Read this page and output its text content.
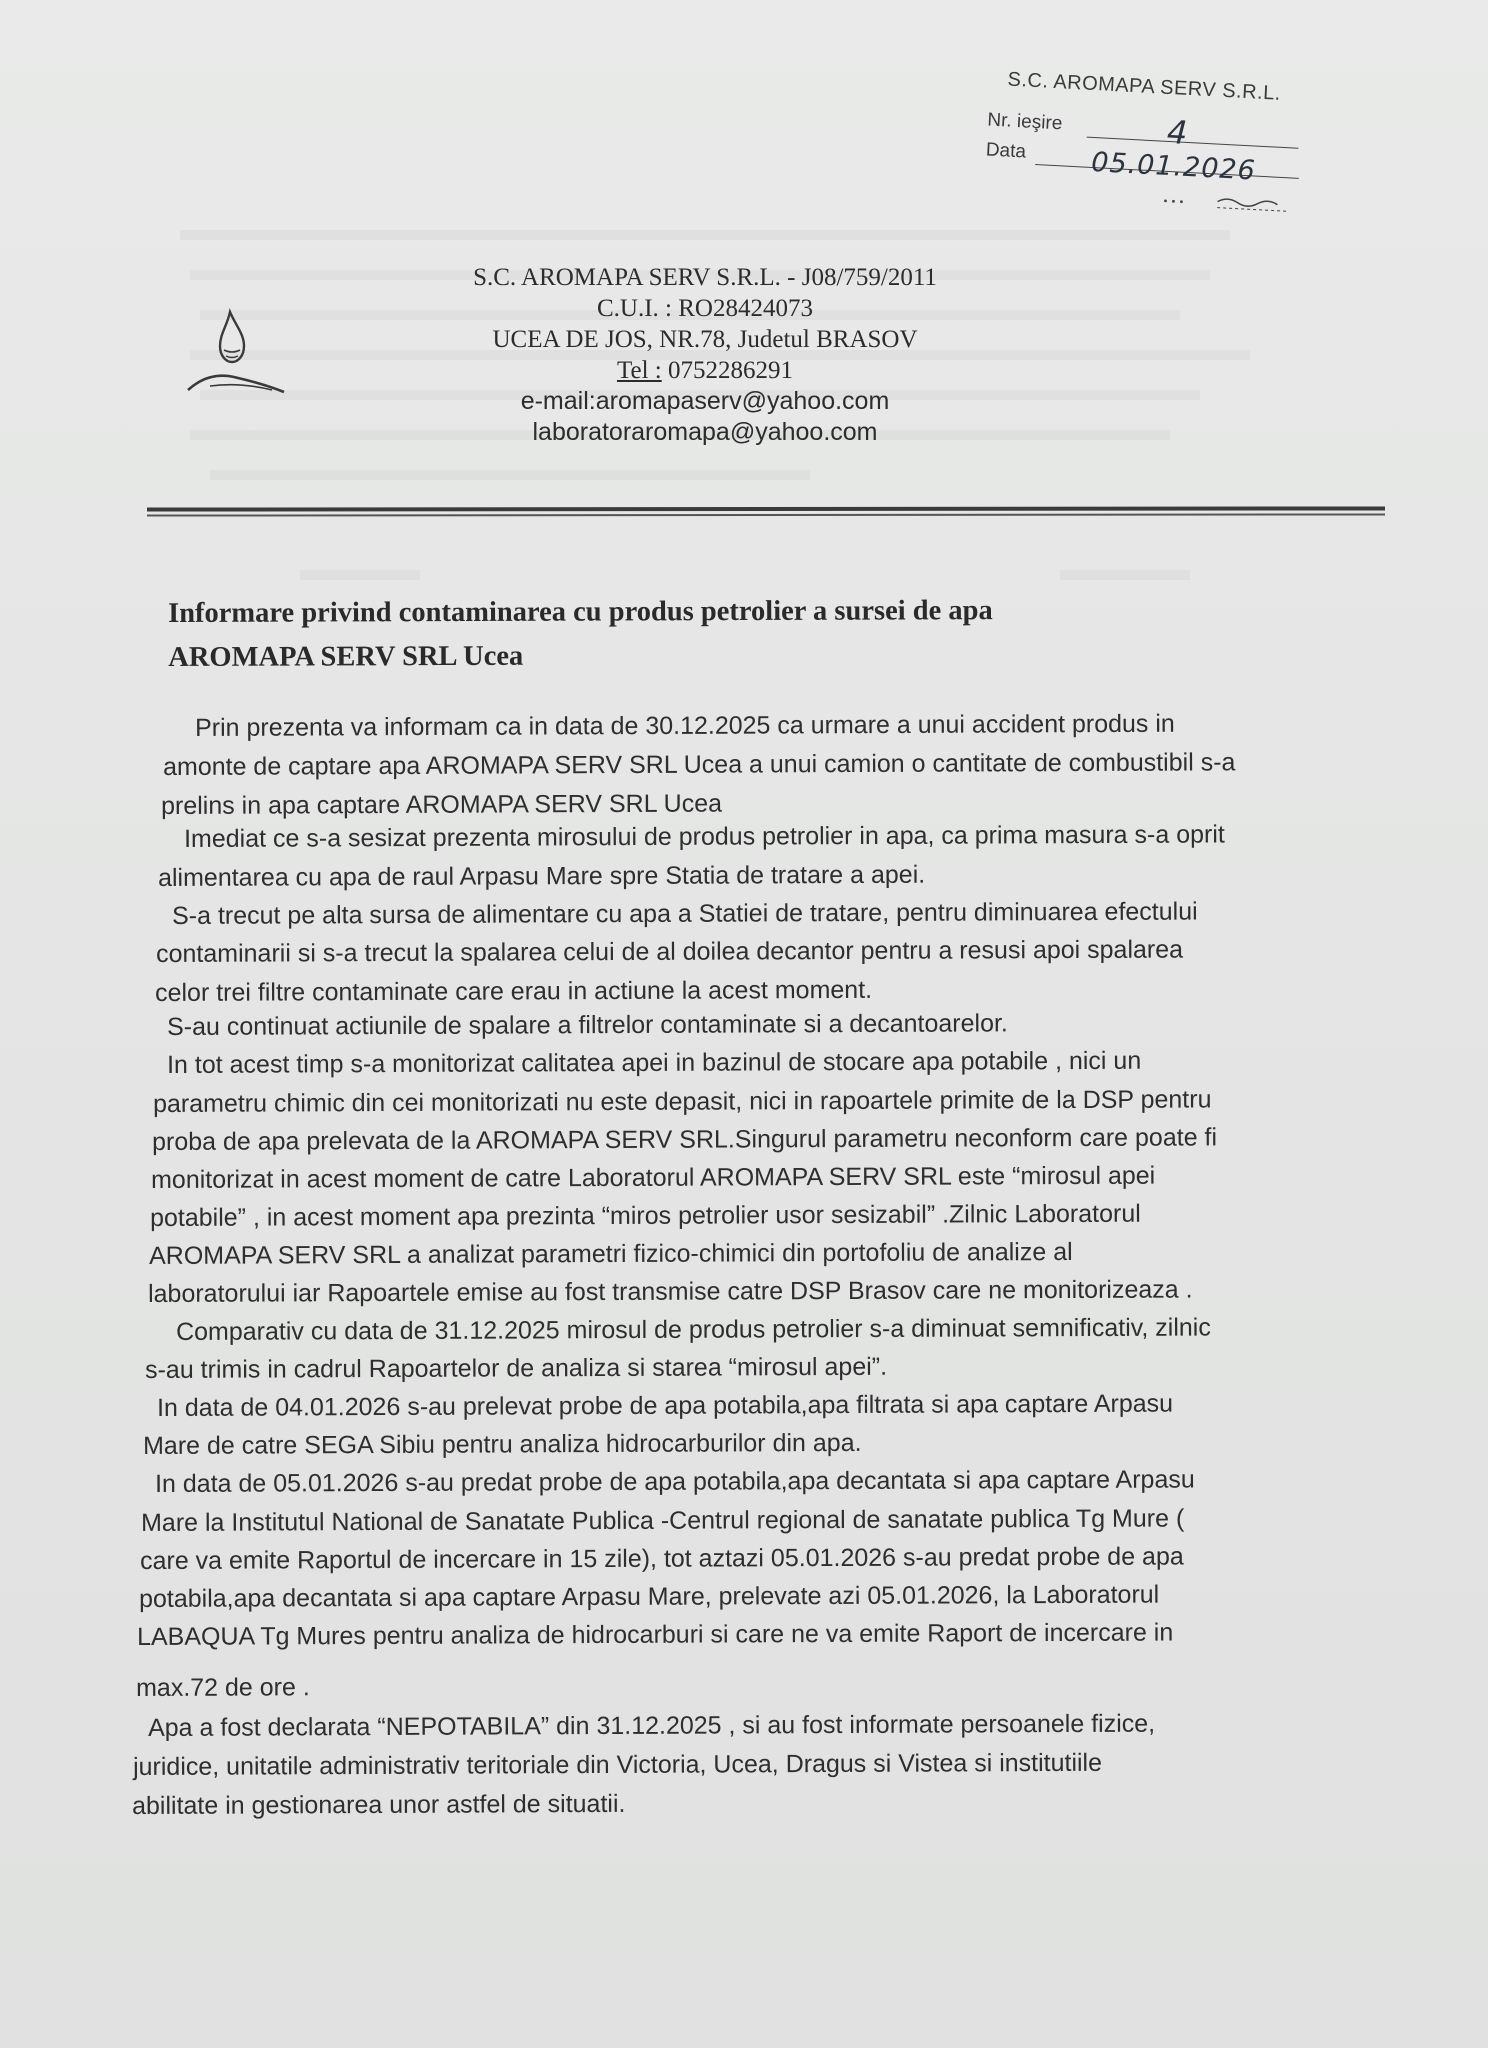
S.C. AROMAPA SERV S.R.L.
Nr. ieşire	4
Data 05.01.2026
S.C. AROMAPA SERV S.R.L. - J08/759/2011
C.U.I. : RO28424073
UCEA DE JOS, NR.78, Judetul BRASOV
Tel : 0752286291
e-mail:aromapaserv@yahoo.com
laboratoraromapa@yahoo.com
Informare privind contaminarea cu produs petrolier a sursei de apa
AROMAPA SERV SRL Ucea
Prin prezenta va informam ca in data de 30.12.2025 ca urmare a unui accident produs in
amonte de captare apa AROMAPA SERV SRL Ucea a unui camion o cantitate de combustibil s-a
prelins in apa captare AROMAPA SERV SRL Ucea
Imediat ce s-a sesizat prezenta mirosului de produs petrolier in apa, ca prima masura s-a oprit
alimentarea cu apa de raul Arpasu Mare spre Statia de tratare a apei.
S-a trecut pe alta sursa de alimentare cu apa a Statiei de tratare, pentru diminuarea efectului
contaminarii si s-a trecut la spalarea celui de al doilea decantor pentru a resusi apoi spalarea
celor trei filtre contaminate care erau in actiune la acest moment.
S-au continuat actiunile de spalare a filtrelor contaminate si a decantoarelor.
In tot acest timp s-a monitorizat calitatea apei in bazinul de stocare apa potabile , nici un
parametru chimic din cei monitorizati nu este depasit, nici in rapoartele primite de la DSP pentru
proba de apa prelevata de la AROMAPA SERV SRL.Singurul parametru neconform care poate fi
monitorizat in acest moment de catre Laboratorul AROMAPA SERV SRL este “mirosul apei
potabile” , in acest moment apa prezinta “miros petrolier usor sesizabil” .Zilnic Laboratorul
AROMAPA SERV SRL a analizat parametri fizico-chimici din portofoliu de analize al
laboratorului iar Rapoartele emise au fost transmise catre DSP Brasov care ne monitorizeaza .
Comparativ cu data de 31.12.2025 mirosul de produs petrolier s-a diminuat semnificativ, zilnic
s-au trimis in cadrul Rapoartelor de analiza si starea “mirosul apei”.
In data de 04.01.2026 s-au prelevat probe de apa potabila,apa filtrata si apa captare Arpasu
Mare de catre SEGA Sibiu pentru analiza hidrocarburilor din apa.
In data de 05.01.2026 s-au predat probe de apa potabila,apa decantata si apa captare Arpasu
Mare la Institutul National de Sanatate Publica -Centrul regional de sanatate publica Tg Mure (
care va emite Raportul de incercare in 15 zile), tot aztazi 05.01.2026 s-au predat probe de apa
potabila,apa decantata si apa captare Arpasu Mare, prelevate azi 05.01.2026, la Laboratorul
LABAQUA Tg Mures pentru analiza de hidrocarburi si care ne va emite Raport de incercare in
max.72 de ore .
Apa a fost declarata “NEPOTABILA” din 31.12.2025 , si au fost informate persoanele fizice,
juridice, unitatile administrativ teritoriale din Victoria, Ucea, Dragus si Vistea si institutiile
abilitate in gestionarea unor astfel de situatii.
